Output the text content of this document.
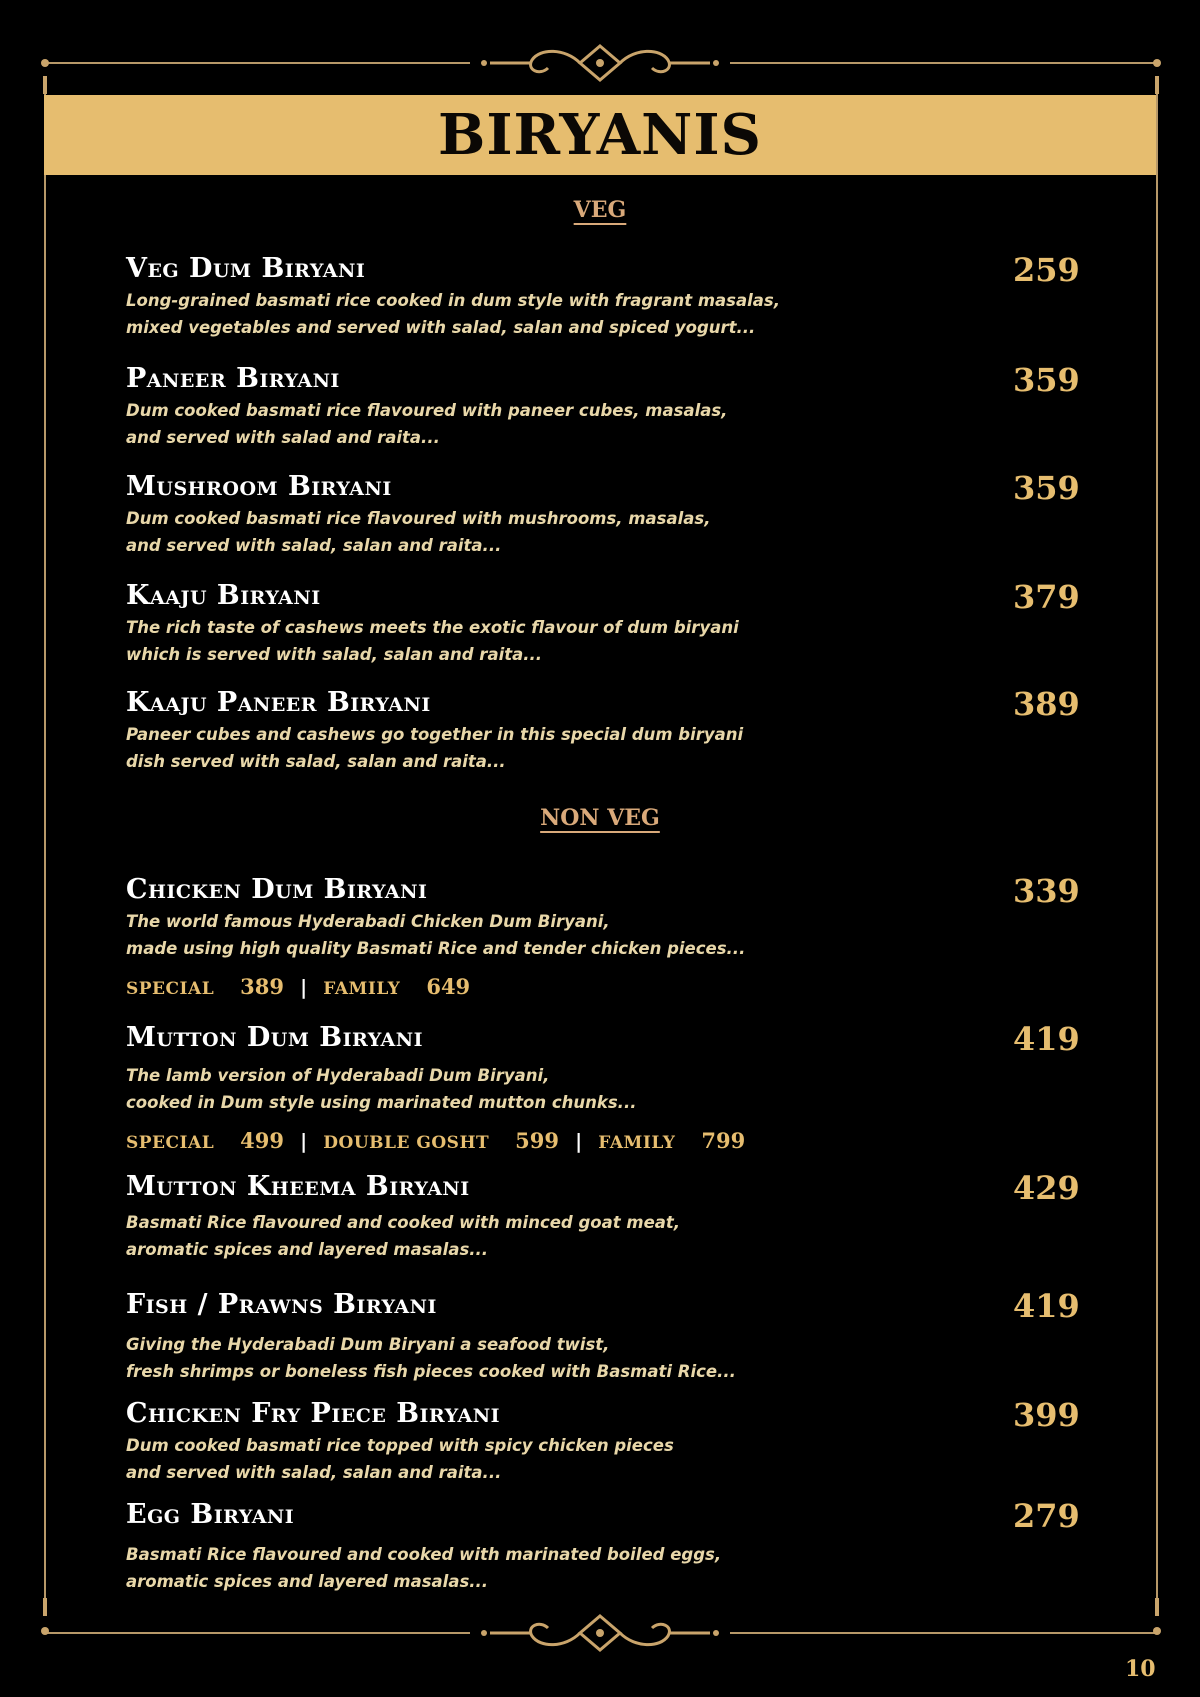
BIRYANIS
VEG
NON VEG
Veg Dum Biryani	259
Long-grained basmati rice cooked in dum style with fragrant masalas,
mixed vegetables and served with salad, salan and spiced yogurt...
Paneer Biryani	359
Dum cooked basmati rice flavoured with paneer cubes, masalas,
and served with salad and raita...
Mushroom Biryani	359
Dum cooked basmati rice flavoured with mushrooms, masalas,
and served with salad, salan and raita...
Kaaju Biryani	379
The rich taste of cashews meets the exotic flavour of dum biryani
which is served with salad, salan and raita...
Kaaju Paneer Biryani	389
Paneer cubes and cashews go together in this special dum biryani
dish served with salad, salan and raita...
Chicken Dum Biryani	339
The world famous Hyderabadi Chicken Dum Biryani,
made using high quality Basmati Rice and tender chicken pieces...
SPECIAL 389 | FAMILY 649
Mutton Dum Biryani	419
The lamb version of Hyderabadi Dum Biryani,
cooked in Dum style using marinated mutton chunks...
SPECIAL 499 | DOUBLE GOSHT 599 | FAMILY 799
Mutton Kheema Biryani	429
Basmati Rice flavoured and cooked with minced goat meat,
aromatic spices and layered masalas...
Fish / Prawns Biryani	419
Giving the Hyderabadi Dum Biryani a seafood twist,
fresh shrimps or boneless fish pieces cooked with Basmati Rice...
Chicken Fry Piece Biryani	399
Dum cooked basmati rice topped with spicy chicken pieces
and served with salad, salan and raita...
Egg Biryani	279
Basmati Rice flavoured and cooked with marinated boiled eggs,
aromatic spices and layered masalas...
10
